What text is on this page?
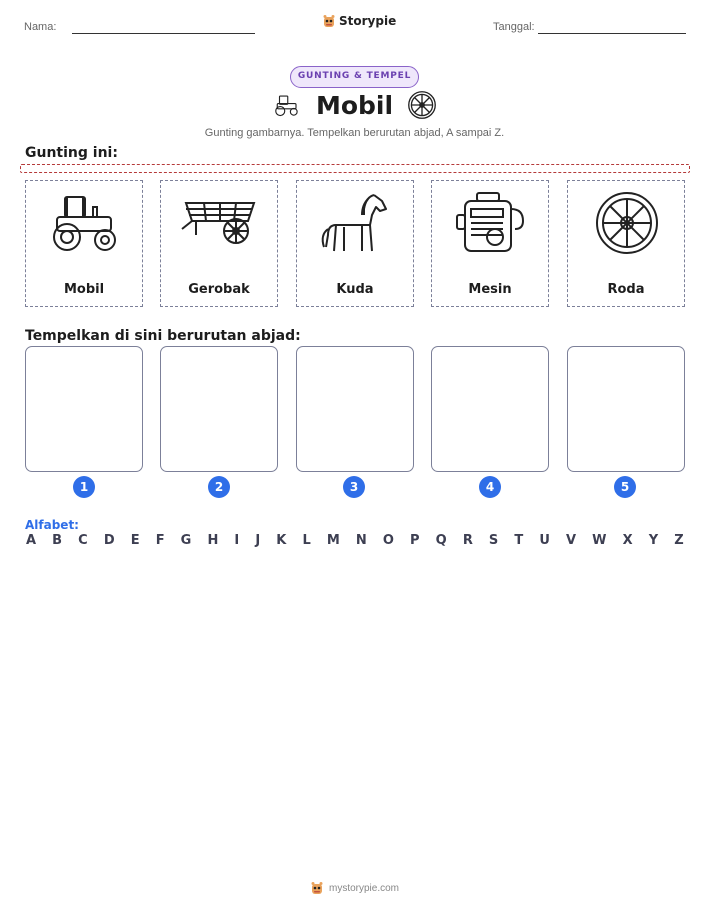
Nama:	Storypie	Tanggal:
GUNTING & TEMPEL
Mobil
Gunting gambarnya. Tempelkan berurutan abjad, A sampai Z.
Gunting ini:
Mobil	Gerobak	Kuda	Mesin	Roda
Tempelkan di sini berurutan abjad:
1	2	3	4	5
Alfabet:
A B C D E F G H I J K L M N O P Q R S T U V W X Y Z
mystorypie.com
